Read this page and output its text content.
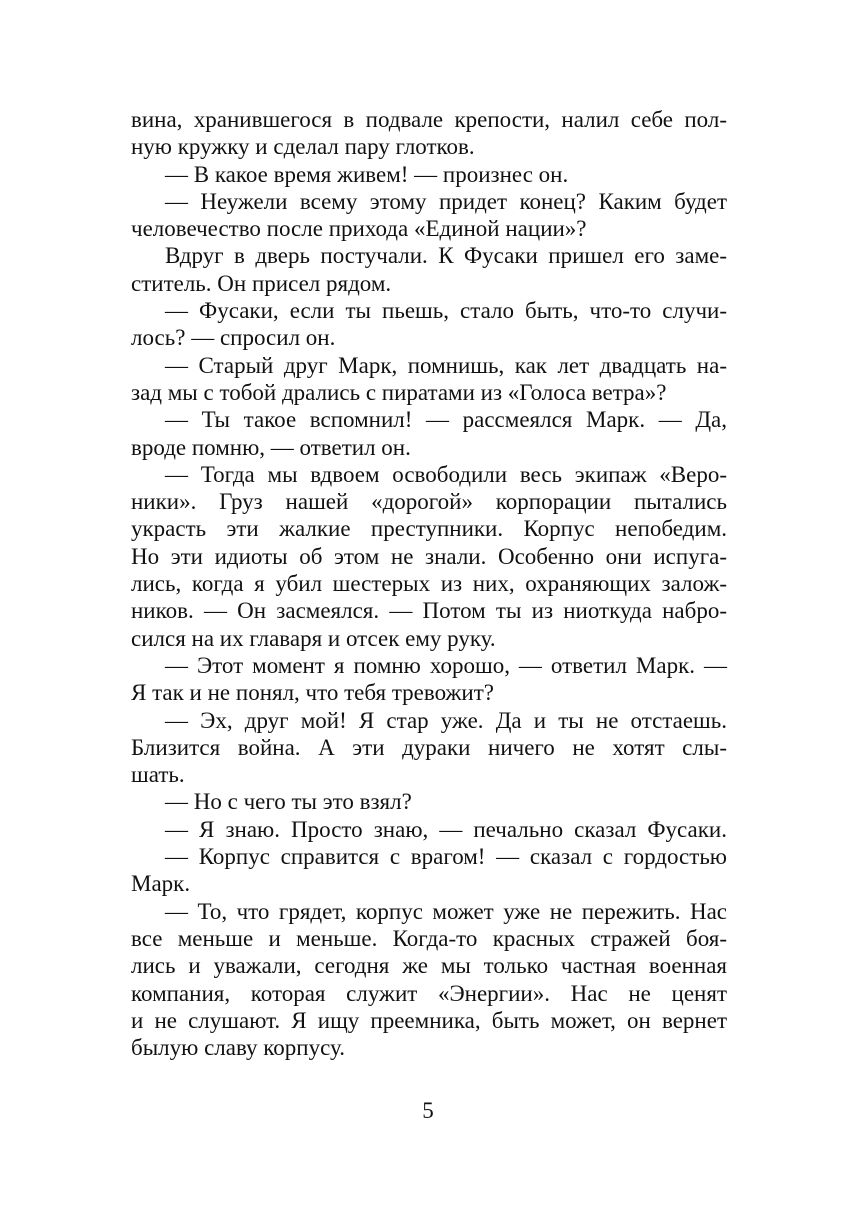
вина, хранившегося в подвале крепости, налил себе пол-
ную кружку и сделал пару глотков.
— В какое время живем! — произнес он.
— Неужели всему этому придет конец? Каким будет
человечество после прихода «Единой нации»?
Вдруг в дверь постучали. К Фусаки пришел его заме-
ститель. Он присел рядом.
— Фусаки, если ты пьешь, стало быть, что-то случи-
лось? — спросил он.
— Старый друг Марк, помнишь, как лет двадцать на-
зад мы с тобой дрались с пиратами из «Голоса ветра»?
— Ты такое вспомнил! — рассмеялся Марк. — Да,
вроде помню, — ответил он.
— Тогда мы вдвоем освободили весь экипаж «Веро-
ники». Груз нашей «дорогой» корпорации пытались
украсть эти жалкие преступники. Корпус непобедим.
Но эти идиоты об этом не знали. Особенно они испуга-
лись, когда я убил шестерых из них, охраняющих залож-
ников. — Он засмеялся. — Потом ты из ниоткуда набро-
сился на их главаря и отсек ему руку.
— Этот момент я помню хорошо, — ответил Марк. —
Я так и не понял, что тебя тревожит?
— Эх, друг мой! Я стар уже. Да и ты не отстаешь.
Близится война. А эти дураки ничего не хотят слы-
шать.
— Но с чего ты это взял?
— Я знаю. Просто знаю, — печально сказал Фусаки.
— Корпус справится с врагом! — сказал с гордостью
Марк.
— То, что грядет, корпус может уже не пережить. Нас
все меньше и меньше. Когда-то красных стражей боя-
лись и уважали, сегодня же мы только частная военная
компания, которая служит «Энергии». Нас не ценят
и не слушают. Я ищу преемника, быть может, он вернет
былую славу корпусу.
5
